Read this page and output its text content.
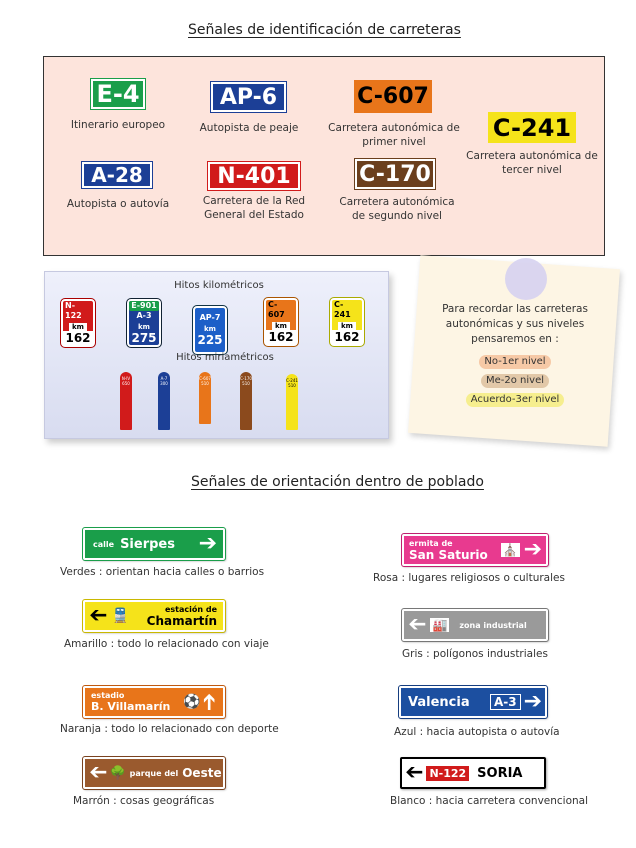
Señales de identificación de carreteras
E-4
Itinerario europeo
AP-6
Autopista de peaje
C-607
Carretera autonómica de primer nivel
C-241
Carretera autonómica de tercer nivel
A-28
Autopista o autovía
N-401
Carretera de la Red General del Estado
C-170
Carretera autonómica de segundo nivel
Hitos kilométricos
N-122
km
162
E-901
A-3
km
275
AP-7
km
225
C-607
km
162
C-241
km
162
Hitos miriamétricos
N-IV
650
A-7
300
C-607
510
C-170
510
C-241
510
Para recordar las carreteras autonómicas y sus niveles pensaremos en :
No-1er nivel
Me-2o nivel
Acuerdo-3er nivel
Señales de orientación dentro de poblado
calle Sierpes	➔
Verdes : orientan hacia calles o barrios
➔ 🚆	estación de
Chamartín
Amarillo : todo lo relacionado con viaje
estadio
B. Villamarín ⚽
➔
Naranja : todo lo relacionado con deporte
➔ 🌳 parque del Oeste
Marrón : cosas geográficas
ermita de
San Saturio	⛪ ➔
Rosa : lugares religiosos o culturales
➔ 🏭 zona industrial
Gris : polígonos industriales
Valencia	A-3 ➔
Azul : hacia autopista o autovía
➔ N-122 SORIA
Blanco : hacia carretera convencional
